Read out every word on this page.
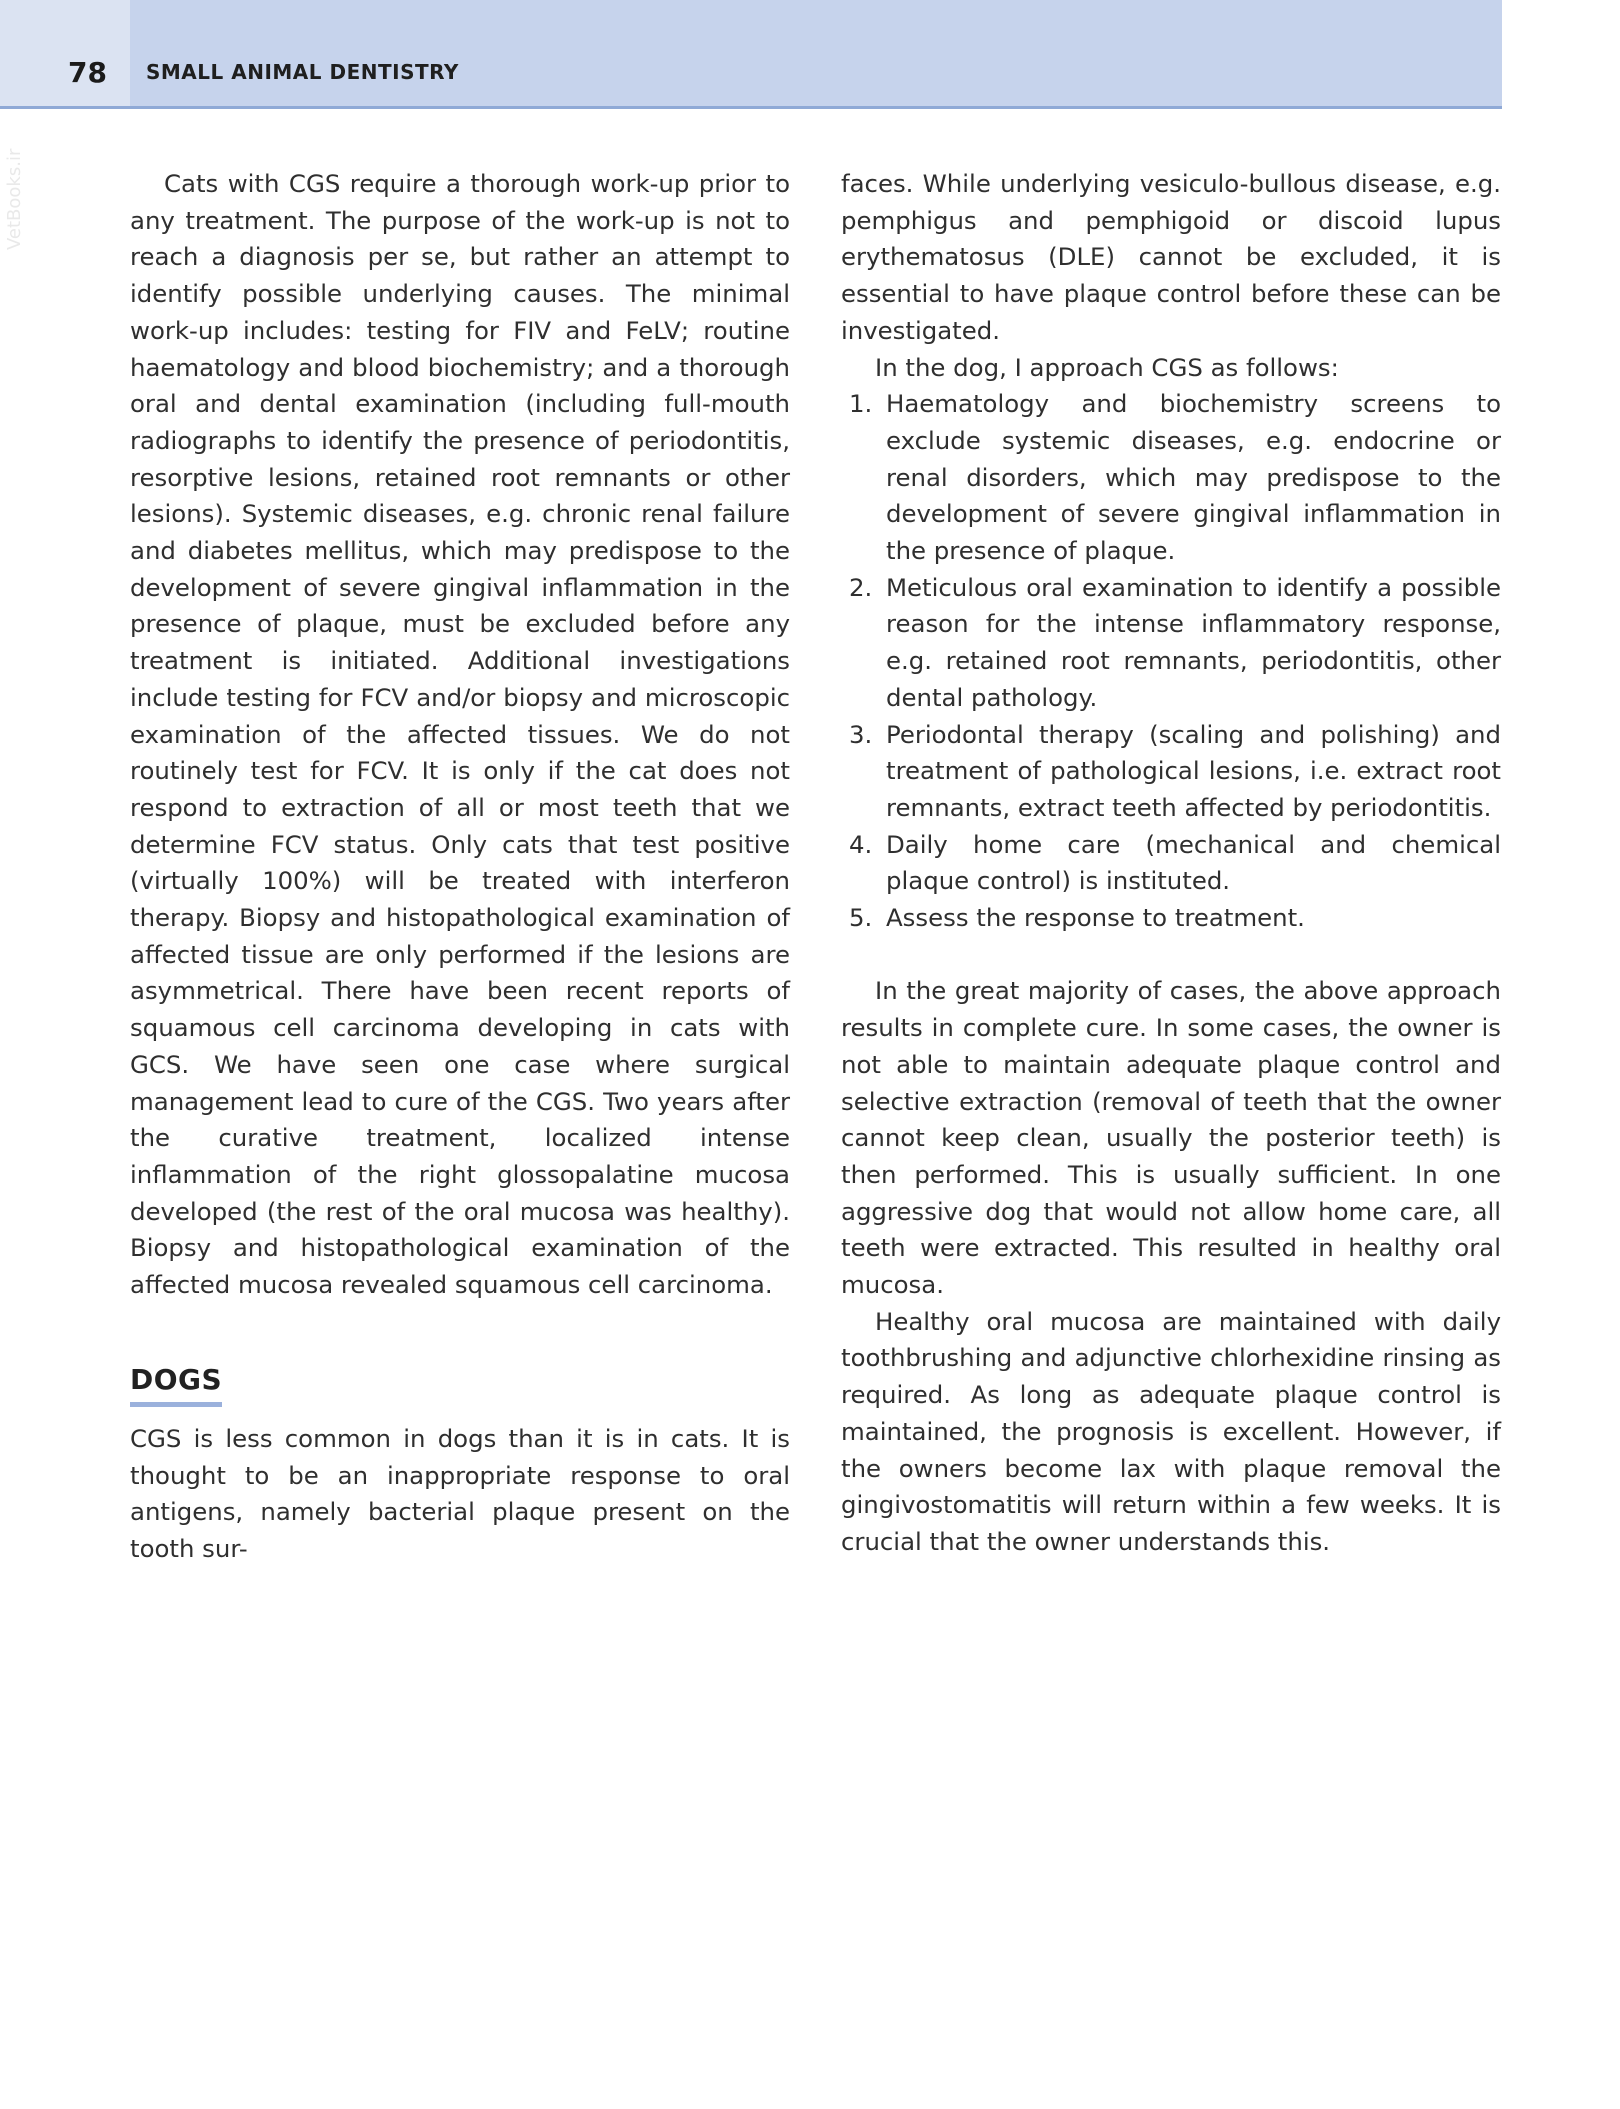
78 SMALL ANIMAL DENTISTRY
VetBooks.ir	Cats with CGS require a thorough work-up prior to any treatment. The purpose of the work-up is not to reach a diagnosis per se, but rather an attempt to identify possible underlying causes. The minimal work-up includes: testing for FIV and FeLV; routine haematology and blood biochemistry; and a thorough oral and dental examination (including full-mouth radiographs to identify the presence of periodontitis, resorptive lesions, retained root remnants or other lesions). Systemic diseases, e.g. chronic renal failure and diabetes mellitus, which may predispose to the development of severe gingival inflammation in the presence of plaque, must be excluded before any treatment is initiated. Additional investigations include testing for FCV and/or biopsy and microscopic examination of the affected tissues. We do not routinely test for FCV. It is only if the cat does not respond to extraction of all or most teeth that we determine FCV status. Only cats that test positive (virtually 100%) will be treated with interferon therapy. Biopsy and histopathological examination of affected tissue are only performed if the lesions are asymmetrical. There have been recent reports of squamous cell carcinoma developing in cats with GCS. We have seen one case where surgical management lead to cure of the CGS. Two years after the curative treatment, localized intense inflammation of the right glossopalatine mucosa developed (the rest of the oral mucosa was healthy). Biopsy and histopathological examination of the affected mucosa revealed squamous cell carcinoma.

DOGS

CGS is less common in dogs than it is in cats. It is thought to be an inappropriate response to oral antigens, namely bacterial plaque present on the tooth sur-

faces. While underlying vesiculo-bullous disease, e.g. pemphigus and pemphigoid or discoid lupus erythematosus (DLE) cannot be excluded, it is essential to have plaque control before these can be investigated.

In the dog, I approach CGS as follows:

1. Haematology and biochemistry screens to exclude systemic diseases, e.g. endocrine or renal disorders, which may predispose to the development of severe gingival inflammation in the presence of plaque.
2. Meticulous oral examination to identify a possible reason for the intense inflammatory response, e.g. retained root remnants, periodontitis, other dental pathology.
3. Periodontal therapy (scaling and polishing) and treatment of pathological lesions, i.e. extract root remnants, extract teeth affected by periodontitis.
4. Daily home care (mechanical and chemical plaque control) is instituted.
5. Assess the response to treatment.

In the great majority of cases, the above approach results in complete cure. In some cases, the owner is not able to maintain adequate plaque control and selective extraction (removal of teeth that the owner cannot keep clean, usually the posterior teeth) is then performed. This is usually sufficient. In one aggressive dog that would not allow home care, all teeth were extracted. This resulted in healthy oral mucosa.

Healthy oral mucosa are maintained with daily toothbrushing and adjunctive chlorhexidine rinsing as required. As long as adequate plaque control is maintained, the prognosis is excellent. However, if the owners become lax with plaque removal the gingivostomatitis will return within a few weeks. It is crucial that the owner understands this.
